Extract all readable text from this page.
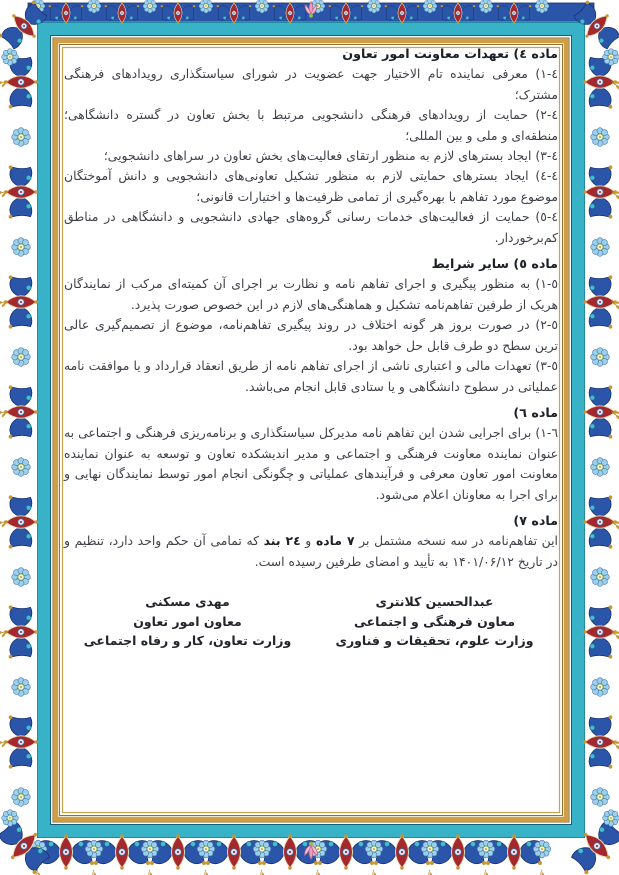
ماده ٤) تعهدات معاونت امور تعاون

٤-١) معرفی نماینده تام الاختیار جهت عضویت در شورای سیاستگذاری رویدادهای فرهنگی مشترک؛

٤-٢) حمایت از رویدادهای فرهنگی دانشجویی مرتبط با بخش تعاون در گستره دانشگاهی؛ منطقه‌ای و ملی و بین المللی؛

٤-٣) ایجاد بسترهای لازم به منظور ارتقای فعالیت‌های بخش تعاون در سراهای دانشجویی؛

٤-٤) ایجاد بسترهای حمایتی لازم به منظور تشکیل تعاونی‌های دانشجویی و دانش آموختگان موضوع مورد تفاهم با بهره‌گیری از تمامی ظرفیت‌ها و اختیارات قانونی؛

٤-٥) حمایت از فعالیت‌های خدمات رسانی گروه‌های جهادی دانشجویی و دانشگاهی در مناطق کم‌برخوردار.

ماده ٥) سایر شرایط

٥-١) به منظور پیگیری و اجرای تفاهم نامه و نظارت بر اجرای آن کمیته‌ای مرکب از نمایندگان هریک از طرفین تفاهم‌نامه تشکیل و هماهنگی‌های لازم در این خصوص صورت پذیرد.

٥-٢) در صورت بروز هر گونه اختلاف در روند پیگیری تفاهم‌نامه، موضوع از تصمیم‌گیری عالی ترین سطح دو طرف قابل حل خواهد بود.

٥-٣) تعهدات مالی و اعتباری ناشی از اجرای تفاهم نامه از طریق انعقاد قرارداد و یا موافقت نامه عملیاتی در سطوح دانشگاهی و یا ستادی قابل انجام می‌باشد.

ماده ٦)

٦-١) برای اجرایی شدن این تفاهم نامه مدیرکل سیاستگذاری و برنامه‌ریزی فرهنگی و اجتماعی به عنوان نماینده معاونت فرهنگی و اجتماعی و مدیر اندیشکده تعاون و توسعه به عنوان نماینده معاونت امور تعاون معرفی و فرآیندهای عملیاتی و چگونگی انجام امور توسط نمایندگان نهایی و برای اجرا به معاونان اعلام می‌شود.

ماده ٧)

این تفاهم‌نامه در سه نسخه مشتمل بر ۷ ماده و ۲٤ بند که تمامی آن حکم واحد دارد، تنظیم و در تاریخ ۱۴۰۱/۰۶/۱۲ به تأیید و امضای طرفین رسیده است.

عبدالحسین کلانتری
معاون فرهنگی و اجتماعی
وزارت علوم، تحقیقات و فناوری
مهدی مسکنی
معاون امور تعاون
وزارت تعاون، کار و رفاه اجتماعی
